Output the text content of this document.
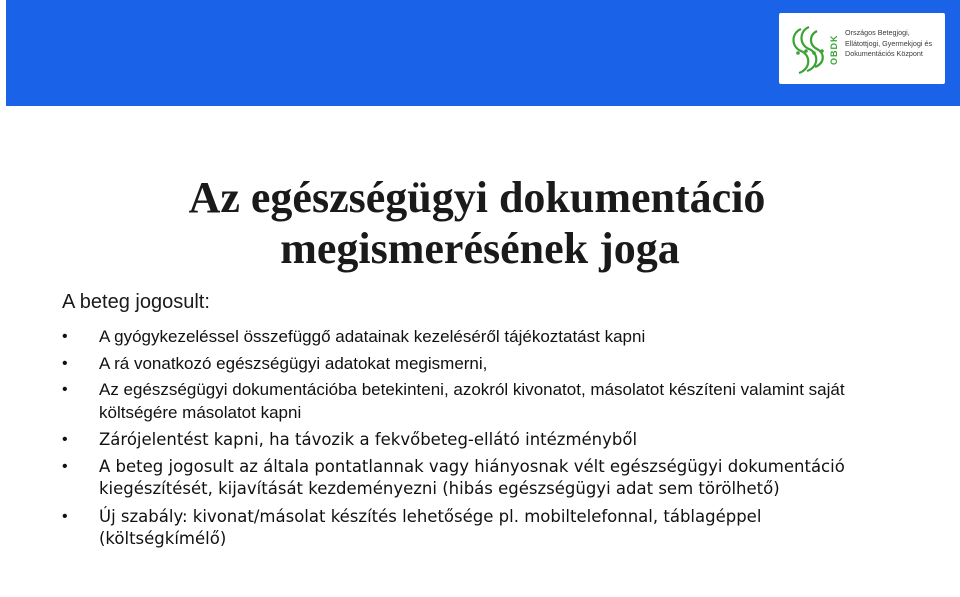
OBDK
Országos Betegjogi,
Ellátottjogi, Gyermekjogi és
Dokumentációs Központ
Az egészségügyi dokumentáció
megismerésének joga
A beteg jogosult:
• A gyógykezeléssel összefüggő adatainak kezeléséről tájékoztatást kapni
• A rá vonatkozó egészségügyi adatokat megismerni,
• Az egészségügyi dokumentációba betekinteni, azokról kivonatot, másolatot készíteni valamint saját költségére másolatot kapni
• Zárójelentést kapni, ha távozik a fekvőbeteg-ellátó intézményből
• A beteg jogosult az általa pontatlannak vagy hiányosnak vélt egészségügyi dokumentáció kiegészítését, kijavítását kezdeményezni (hibás egészségügyi adat sem törölhető)
• Új szabály: kivonat/másolat készítés lehetősége pl. mobiltelefonnal, táblagéppel (költségkímélő)
